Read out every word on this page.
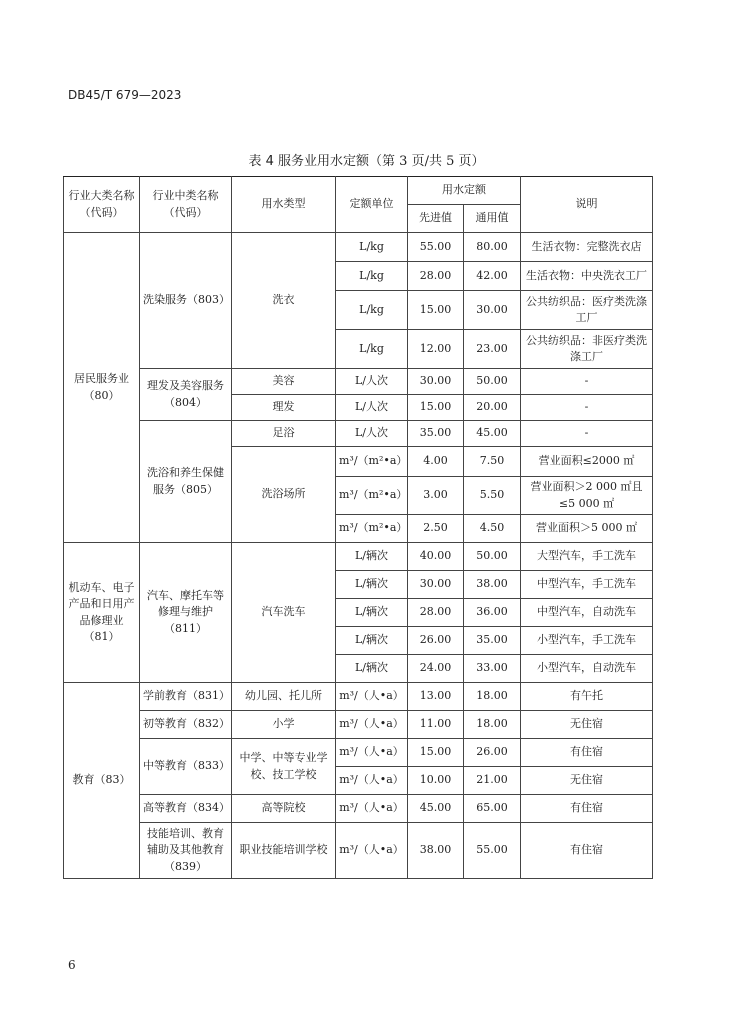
DB45/T 679—2023
表 4 服务业用水定额（第 3 页/共 5 页）
行业大类名称（代码）	行业中类名称（代码）	用水类型	定额单位	用水定额		说明
				先进值	通用值	
居民服务业（80）	洗染服务（803）	洗衣	L/kg	55.00	80.00	生活衣物：完整洗衣店
			L/kg	28.00	42.00	生活衣物：中央洗衣工厂
			L/kg	15.00	30.00	公共纺织品：医疗类洗涤工厂
			L/kg	12.00	23.00	公共纺织品：非医疗类洗涤工厂
	理发及美容服务（804）	美容	L/人次	30.00	50.00	-
		理发	L/人次	15.00	20.00	-
	洗浴和养生保健服务（805）	足浴	L/人次	35.00	45.00	-
		洗浴场所	m³/（m²•a）	4.00	7.50	营业面积≤2000 ㎡
			m³/（m²•a）	3.00	5.50	营业面积＞2 000 ㎡且≤5 000 ㎡
			m³/（m²•a）	2.50	4.50	营业面积＞5 000 ㎡
机动车、电子产品和日用产品修理业（81）	汽车、摩托车等修理与维护（811）	汽车洗车	L/辆次	40.00	50.00	大型汽车，手工洗车
			L/辆次	30.00	38.00	中型汽车，手工洗车
			L/辆次	28.00	36.00	中型汽车，自动洗车
			L/辆次	26.00	35.00	小型汽车，手工洗车
			L/辆次	24.00	33.00	小型汽车，自动洗车
教育（83）	学前教育（831）	幼儿园、托儿所	m³/（人•a）	13.00	18.00	有午托
	初等教育（832）	小学	m³/（人•a）	11.00	18.00	无住宿
	中等教育（833）	中学、中等专业学校、技工学校	m³/（人•a）	15.00	26.00	有住宿
			m³/（人•a）	10.00	21.00	无住宿
	高等教育（834）	高等院校	m³/（人•a）	45.00	65.00	有住宿
	技能培训、教育辅助及其他教育（839）	职业技能培训学校	m³/（人•a）	38.00	55.00	有住宿
6
